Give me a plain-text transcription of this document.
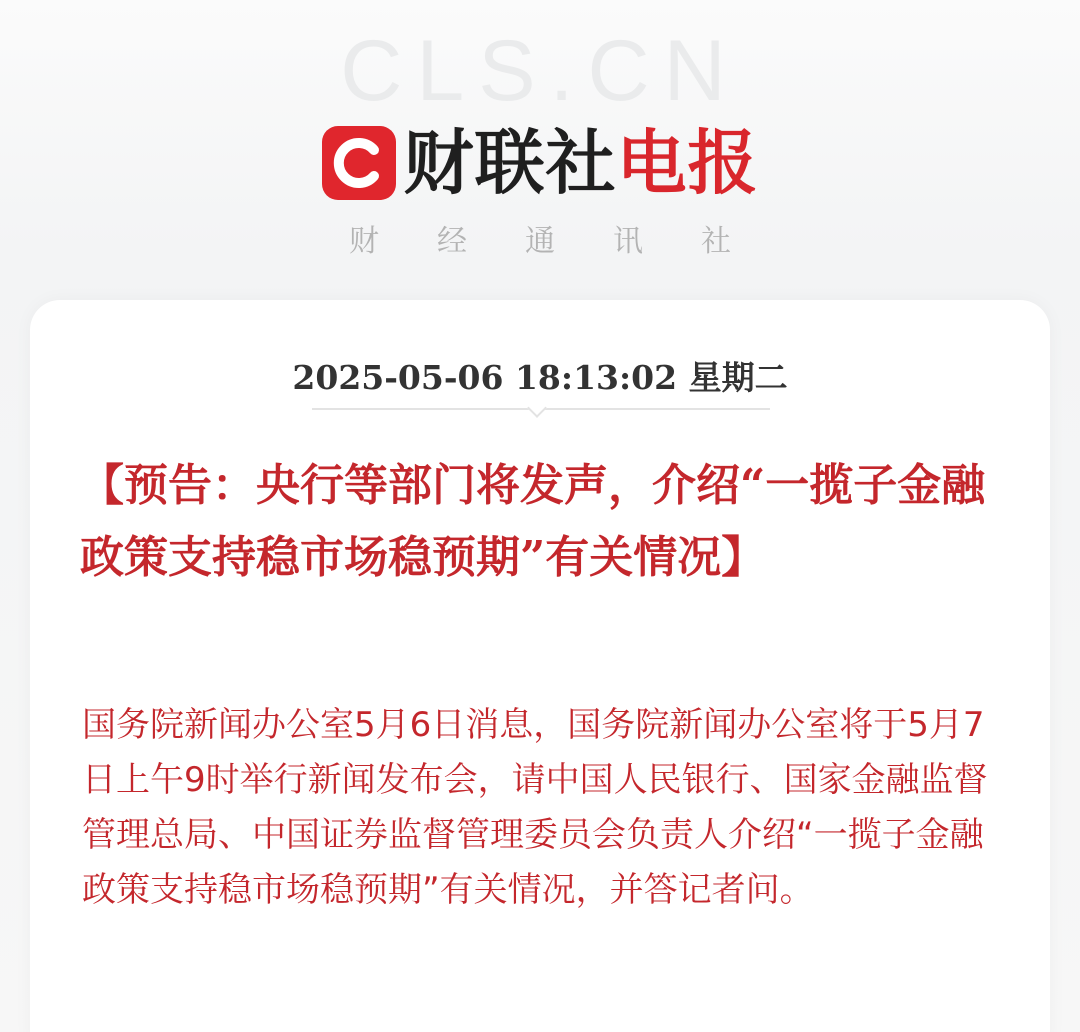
CLS.CN
财联社 电报
财 经 通 讯 社
2025-05-06 18:13:02 星期二
【预告：央行等部门将发声，介绍“一揽子金融政策支持稳市场稳预期”有关情况】
国务院新闻办公室5月6日消息，国务院新闻办公室将于5月7日上午9时举行新闻发布会，请中国人民银行、国家金融监督管理总局、中国证券监督管理委员会负责人介绍“一揽子金融政策支持稳市场稳预期”有关情况，并答记者问。
